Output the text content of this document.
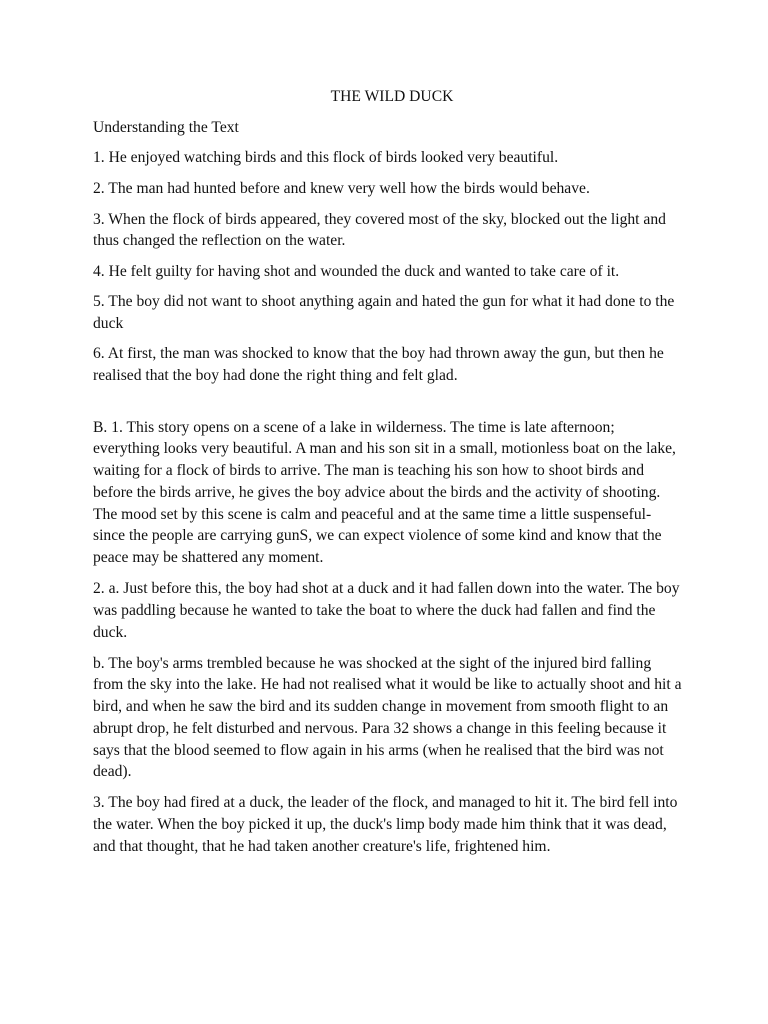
THE WILD DUCK
Understanding the Text

1. He enjoyed watching birds and this flock of birds looked very beautiful.

2. The man had hunted before and knew very well how the birds would behave.

3. When the flock of birds appeared, they covered most of the sky, blocked out the light and thus changed the reflection on the water.

4. He felt guilty for having shot and wounded the duck and wanted to take care of it.

5. The boy did not want to shoot anything again and hated the gun for what it had done to the duck

6. At first, the man was shocked to know that the boy had thrown away the gun, but then he realised that the boy had done the right thing and felt glad.

B. 1. This story opens on a scene of a lake in wilderness. The time is late afternoon; everything looks very beautiful. A man and his son sit in a small, motionless boat on the lake, waiting for a flock of birds to arrive. The man is teaching his son how to shoot birds and before the birds arrive, he gives the boy advice about the birds and the activity of shooting. The mood set by this scene is calm and peaceful and at the same time a little suspenseful-since the people are carrying gunS, we can expect violence of some kind and know that the peace may be shattered any moment.

2. a. Just before this, the boy had shot at a duck and it had fallen down into the water. The boy was paddling because he wanted to take the boat to where the duck had fallen and find the duck.

b. The boy's arms trembled because he was shocked at the sight of the injured bird falling from the sky into the lake. He had not realised what it would be like to actually shoot and hit a bird, and when he saw the bird and its sudden change in movement from smooth flight to an abrupt drop, he felt disturbed and nervous. Para 32 shows a change in this feeling because it says that the blood seemed to flow again in his arms (when he realised that the bird was not dead).

3. The boy had fired at a duck, the leader of the flock, and managed to hit it. The bird fell into the water. When the boy picked it up, the duck's limp body made him think that it was dead, and that thought, that he had taken another creature's life, frightened him.
